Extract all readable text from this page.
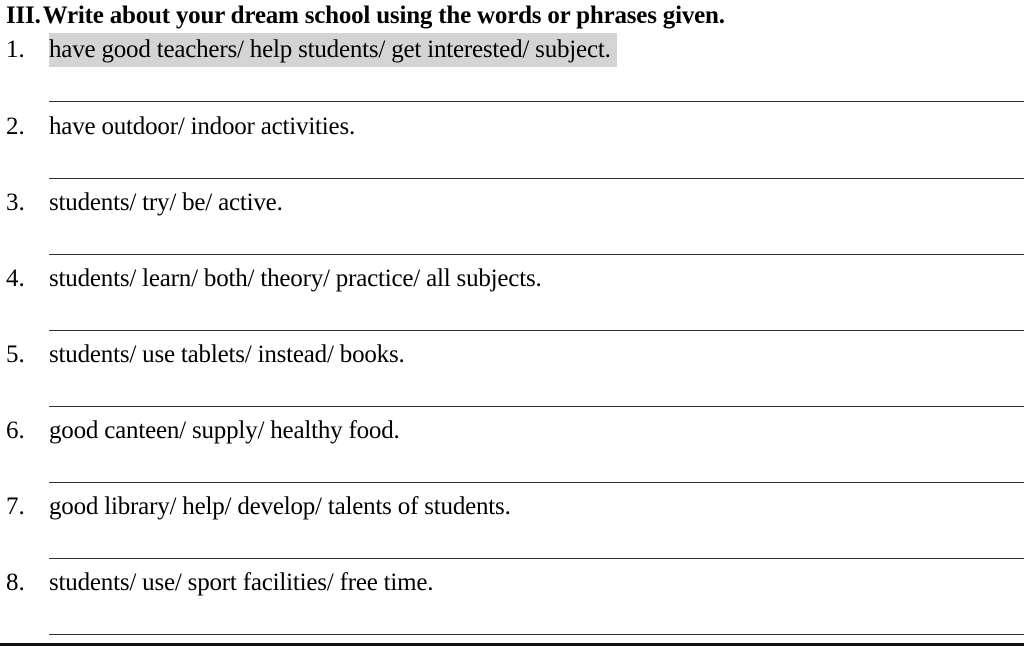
III.Write about your dream school using the words or phrases given.
1. have good teachers/ help students/ get interested/ subject.
2. have outdoor/ indoor activities.
3. students/ try/ be/ active.
4. students/ learn/ both/ theory/ practice/ all subjects.
5. students/ use tablets/ instead/ books.
6. good canteen/ supply/ healthy food.
7. good library/ help/ develop/ talents of students.
8. students/ use/ sport facilities/ free time.
